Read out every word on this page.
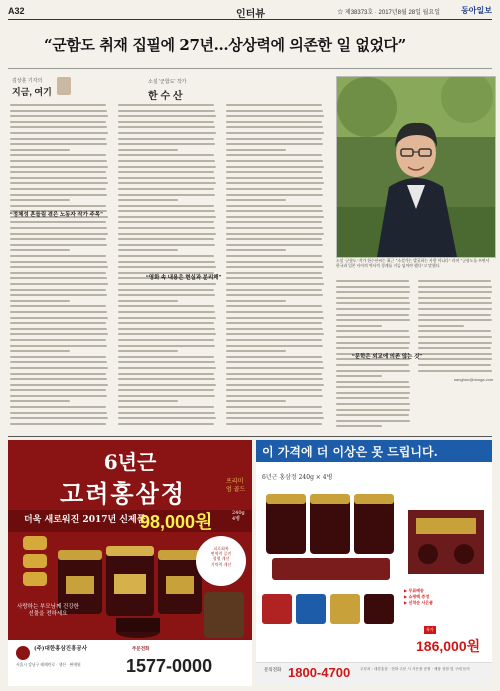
A32	인터뷰	☆ 제38373호 · 2017년8월 28일 월요일	동아일보
“군함도 취재 집필에 27년…상상력에 의존한 일 없었다”
김상훈 기자의
지금, 여기
소설 '군함도' 작가
한 수 산
“정체성 흔들림 겪은 노동자 작가 주목”
“영화 속 내용은 현실과 분리해”
“문학은 외교에 의존 않는 것”
소설 '군함도' 작가 한수산씨는 최근 “소설가는 발굴하는 사람 아니다” 라며 “군함도를 쓰면서 한국과 일본 사이의 역사적 경계를 거듭 넘어야 했다”고 말했다.
sanghun@donga.com
6년근
고려홍삼정	프리미엄 골드
더욱 새로워진 2017년 신제품
98,000원	240g 4병
피로회복
면역력 증진
혈행 개선
기억력 개선
사랑하는 부모님께 건강한 선물을 전하세요
(주)대한홍삼진흥공사
서울시 강남구 테헤란로 · 생산 · 판매원
주문전화
1577-0000
이 가격에 더 이상은 못 드립니다.
6년근 홍삼정 240g × 4병
▶ 무료배송
▶ 쇼핑백 증정
▶ 선착순 사은품
특가
186,000원
문의전화 1800-4700	주문처 : 대한홍삼 · 전화 주문 시 사은품 증정 · 제품 상담 및 구매 문의
